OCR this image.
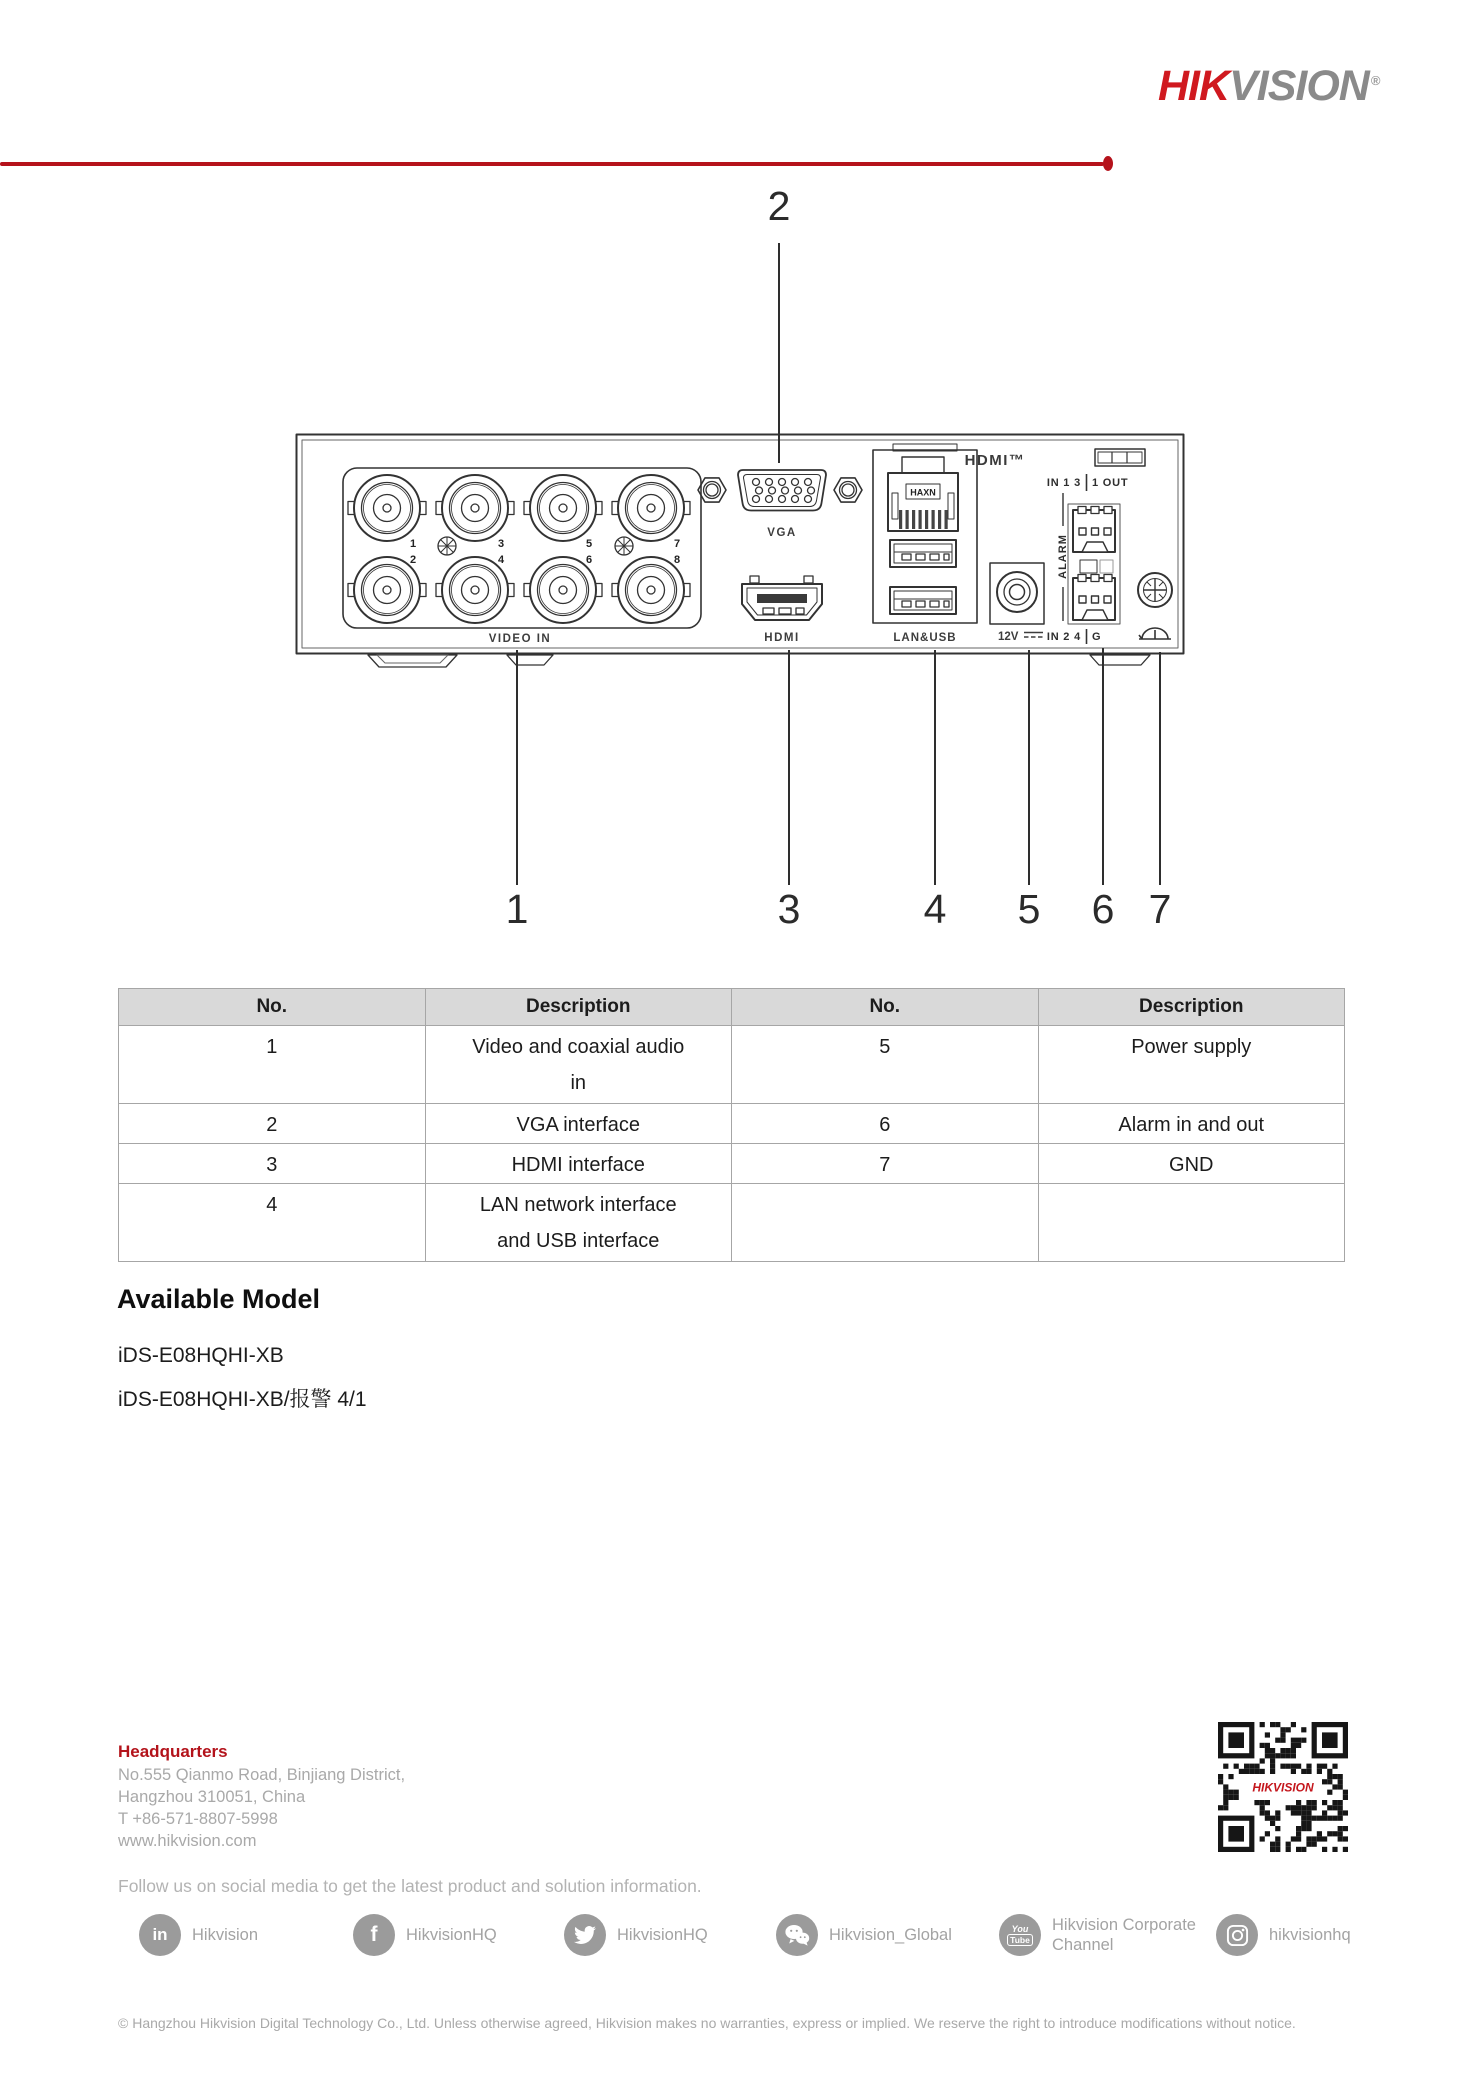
HIKVISION ®
2
1
2
3
4
5
6
7
8
VIDEO IN
VGA
HDMI
HAXN
LAN&USB
HDMI™
12V
IN 1 3 1 OUT
ALARM
IN 2 4 G
1	3	4 5 6 7
No.	Description	No.	Description
1	Video and coaxial audio in	5	Power supply
2	VGA interface	6	Alarm in and out
3	HDMI interface	7	GND
4	LAN network interface and USB interface		
Available Model
iDS-E08HQHI-XB
iDS-E08HQHI-XB/报警 4/1
Headquarters
No.555 Qianmo Road, Binjiang District,
Hangzhou 310051, China
T +86-571-8807-5998
www.hikvision.com
Follow us on social media to get the latest product and solution information.
in Hikvision	f HikvisionHQ	HikvisionHQ	Hikvision_Global	You
Tube
Hikvision Corporate Channel
hikvisionhq
HIKVISION
© Hangzhou Hikvision Digital Technology Co., Ltd. Unless otherwise agreed, Hikvision makes no warranties, express or implied. We reserve the right to introduce modifications without notice.
